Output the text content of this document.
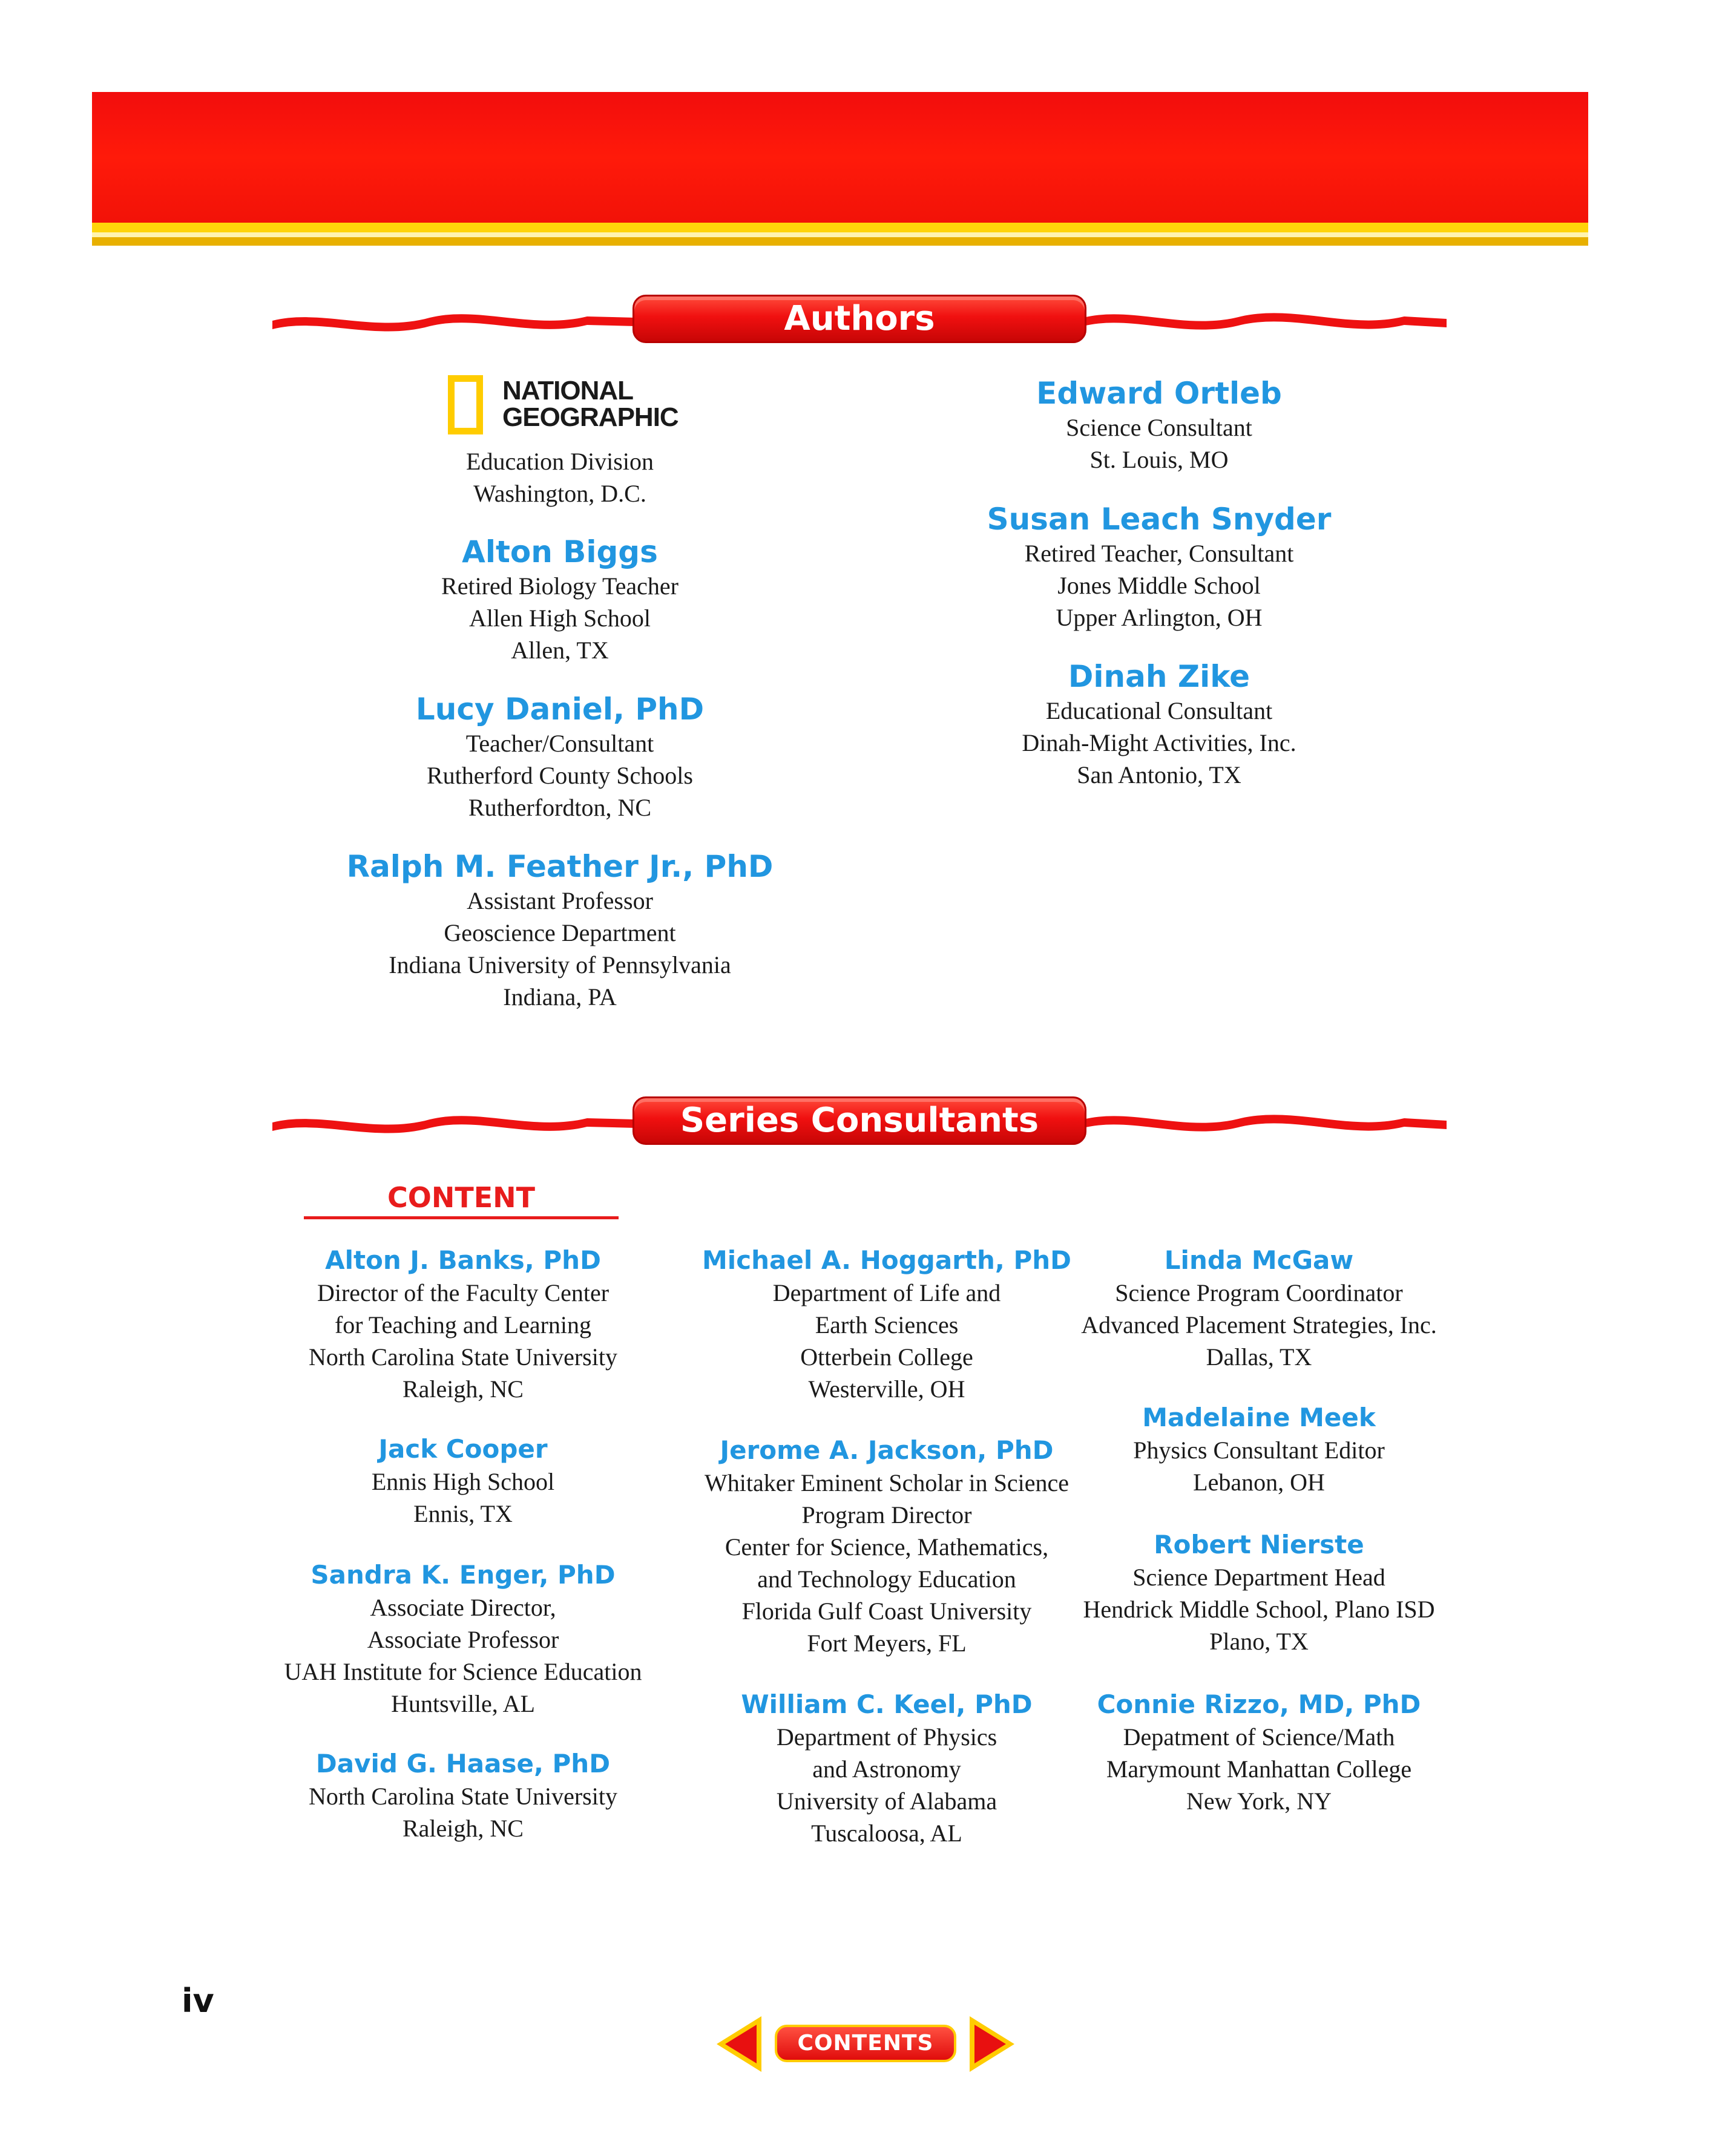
Authors
NATIONAL
GEOGRAPHIC
Education Division
Washington, D.C.
Alton Biggs
Retired Biology Teacher
Allen High School
Allen, TX
Lucy Daniel, PhD
Teacher/Consultant
Rutherford County Schools
Rutherfordton, NC
Ralph M. Feather Jr., PhD
Assistant Professor
Geoscience Department
Indiana University of Pennsylvania
Indiana, PA
Edward Ortleb
Science Consultant
St. Louis, MO
Susan Leach Snyder
Retired Teacher, Consultant
Jones Middle School
Upper Arlington, OH
Dinah Zike
Educational Consultant
Dinah-Might Activities, Inc.
San Antonio, TX
Series Consultants
CONTENT
Alton J. Banks, PhD
Director of the Faculty Center
for Teaching and Learning
North Carolina State University
Raleigh, NC
Jack Cooper
Ennis High School
Ennis, TX
Sandra K. Enger, PhD
Associate Director,
Associate Professor
UAH Institute for Science Education
Huntsville, AL
David G. Haase, PhD
North Carolina State University
Raleigh, NC
Michael A. Hoggarth, PhD
Department of Life and
Earth Sciences
Otterbein College
Westerville, OH
Jerome A. Jackson, PhD
Whitaker Eminent Scholar in Science
Program Director
Center for Science, Mathematics,
and Technology Education
Florida Gulf Coast University
Fort Meyers, FL
William C. Keel, PhD
Department of Physics
and Astronomy
University of Alabama
Tuscaloosa, AL
Linda McGaw
Science Program Coordinator
Advanced Placement Strategies, Inc.
Dallas, TX
Madelaine Meek
Physics Consultant Editor
Lebanon, OH
Robert Nierste
Science Department Head
Hendrick Middle School, Plano ISD
Plano, TX
Connie Rizzo, MD, PhD
Depatment of Science/Math
Marymount Manhattan College
New York, NY
iv
CONTENTS
